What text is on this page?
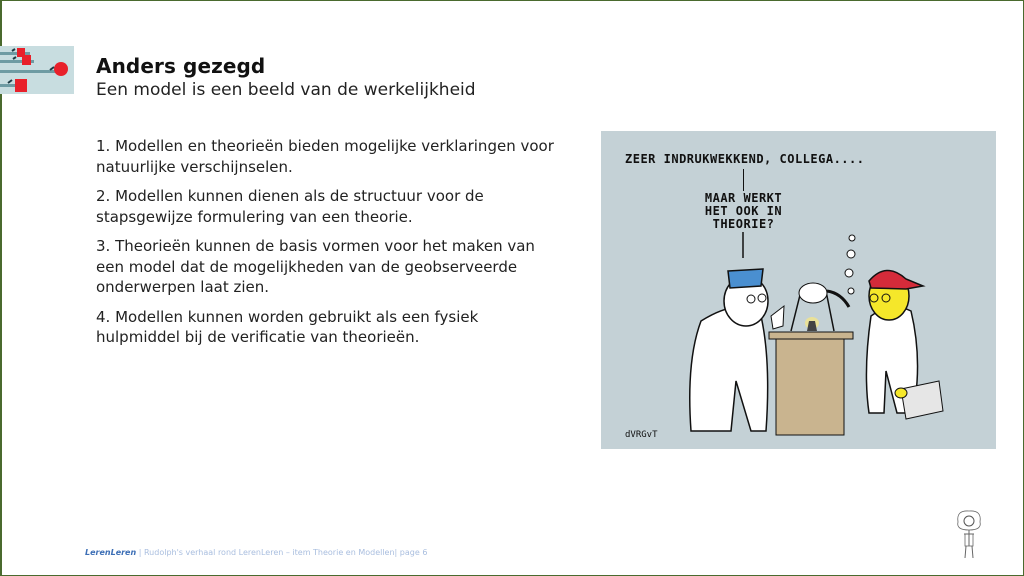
Anders gezegd
Een model is een beeld van de werkelijkheid

1. Modellen en theorieën bieden mogelijke verklaringen voor natuurlijke verschijnselen.

2. Modellen kunnen dienen als de structuur voor de stapsgewijze formulering van een theorie.

3. Theorieën kunnen de basis vormen voor het maken van een model dat de mogelijkheden van de geobserveerde onderwerpen laat zien.

4. Modellen kunnen worden gebruikt als een fysiek hulpmiddel bij de verificatie van theorieën.

ZEER INDRUKWEKKEND, COLLEGA....
MAAR WERKT
HET OOK IN
THEORIE?
dVRGvT
LerenLeren | Rudolph's verhaal rond LerenLeren – item Theorie en Modellen| page 6
